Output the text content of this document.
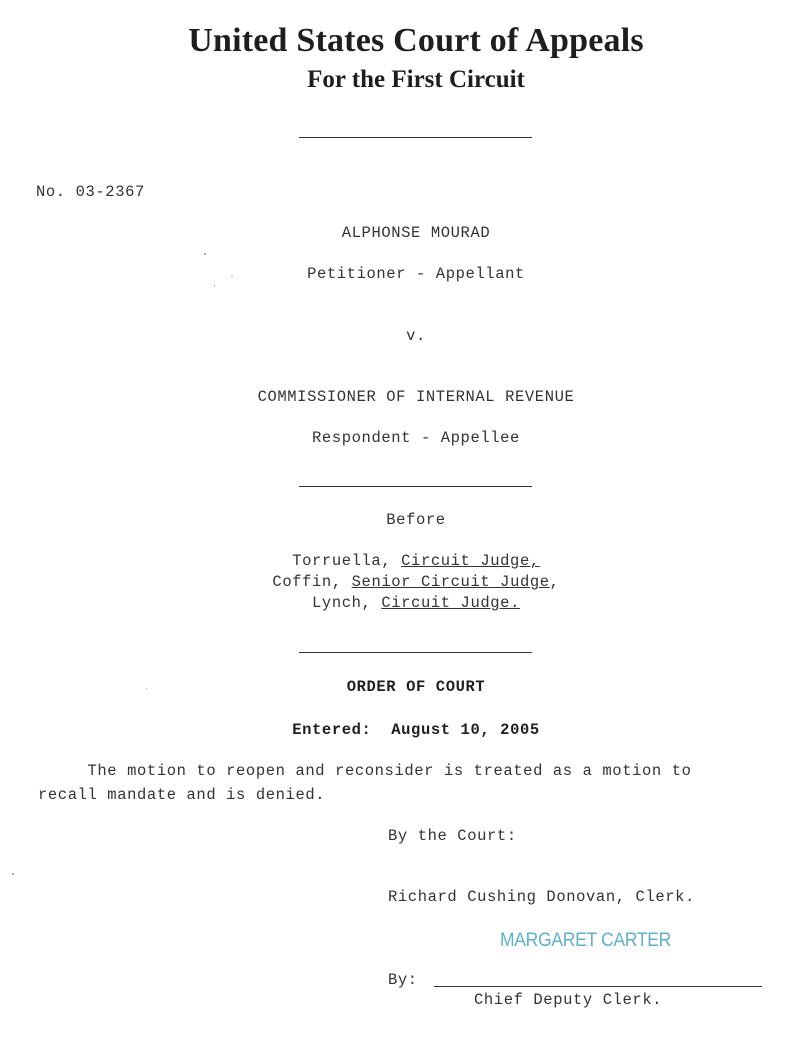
United States Court of Appeals
For the First Circuit

No. 03-2367

ALPHONSE MOURAD

Petitioner - Appellant

v.

COMMISSIONER OF INTERNAL REVENUE

Respondent - Appellee

Before

Torruella, Circuit Judge,

Coffin, Senior Circuit Judge,

Lynch, Circuit Judge.

ORDER OF COURT

Entered: August 10, 2005

The motion to reopen and reconsider is treated as a motion to

recall mandate and is denied.

By the Court:

Richard Cushing Donovan, Clerk.

MARGARET CARTER

By:

Chief Deputy Clerk.
